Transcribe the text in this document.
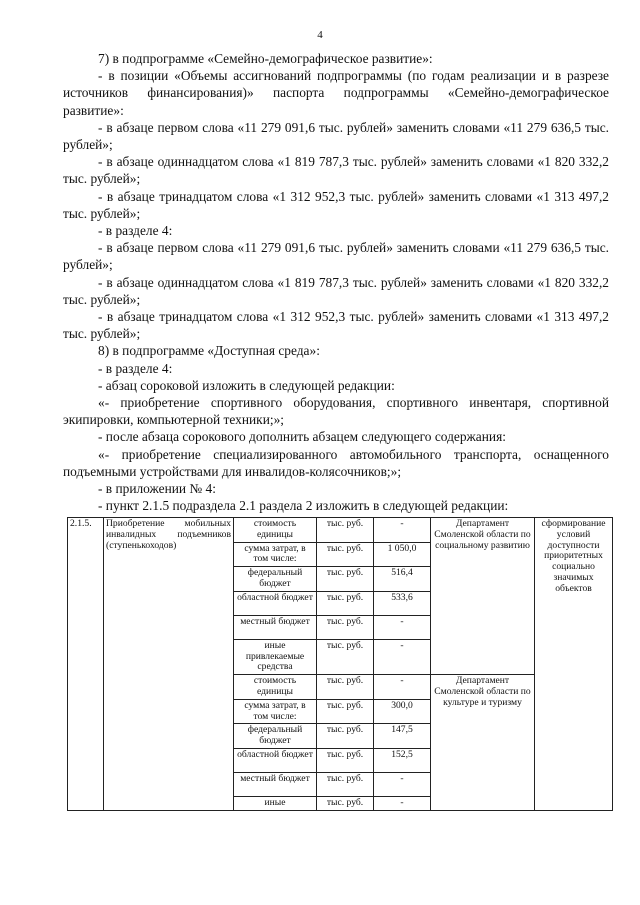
4

7) в подпрограмме «Семейно-демографическое развитие»:

- в позиции «Объемы ассигнований подпрограммы (по годам реализации и в разрезе источников финансирования)» паспорта подпрограммы «Семейно-демографическое развитие»:

- в абзаце первом слова «11 279 091,6 тыс. рублей» заменить словами «11 279 636,5 тыс. рублей»;

- в абзаце одиннадцатом слова «1 819 787,3 тыс. рублей» заменить словами «1 820 332,2 тыс. рублей»;

- в абзаце тринадцатом слова «1 312 952,3 тыс. рублей» заменить словами «1 313 497,2 тыс. рублей»;

- в разделе 4:

- в абзаце первом слова «11 279 091,6 тыс. рублей» заменить словами «11 279 636,5 тыс. рублей»;

- в абзаце одиннадцатом слова «1 819 787,3 тыс. рублей» заменить словами «1 820 332,2 тыс. рублей»;

- в абзаце тринадцатом слова «1 312 952,3 тыс. рублей» заменить словами «1 313 497,2 тыс. рублей»;

8) в подпрограмме «Доступная среда»:

- в разделе 4:

- абзац сороковой изложить в следующей редакции:

«- приобретение спортивного оборудования, спортивного инвентаря, спортивной экипировки, компьютерной техники;»;

- после абзаца сорокового дополнить абзацем следующего содержания:

«- приобретение специализированного автомобильного транспорта, оснащенного подъемными устройствами для инвалидов-колясочников;»;

- в приложении № 4:

- пункт 2.1.5 подраздела 2.1 раздела 2 изложить в следующей редакции:

2.1.5.	Приобретение мобильных инвалидных подъемников (ступенькоходов)	стоимость единицы	тыс. руб.	-	Департамент Смоленской области по социальному развитию	сформирование условий доступности приоритетных социально значимых объектов
		сумма затрат, в том числе:	тыс. руб.	1 050,0		
		федеральный бюджет	тыс. руб.	516,4		
		областной бюджет	тыс. руб.	533,6		
		местный бюджет	тыс. руб.	-		
		иные привлекаемые средства	тыс. руб.	-		
		стоимость единицы	тыс. руб.	-	Департамент Смоленской области по культуре и туризму	
		сумма затрат, в том числе:	тыс. руб.	300,0		
		федеральный бюджет	тыс. руб.	147,5		
		областной бюджет	тыс. руб.	152,5		
		местный бюджет	тыс. руб.	-		
		иные	тыс. руб.	-		
